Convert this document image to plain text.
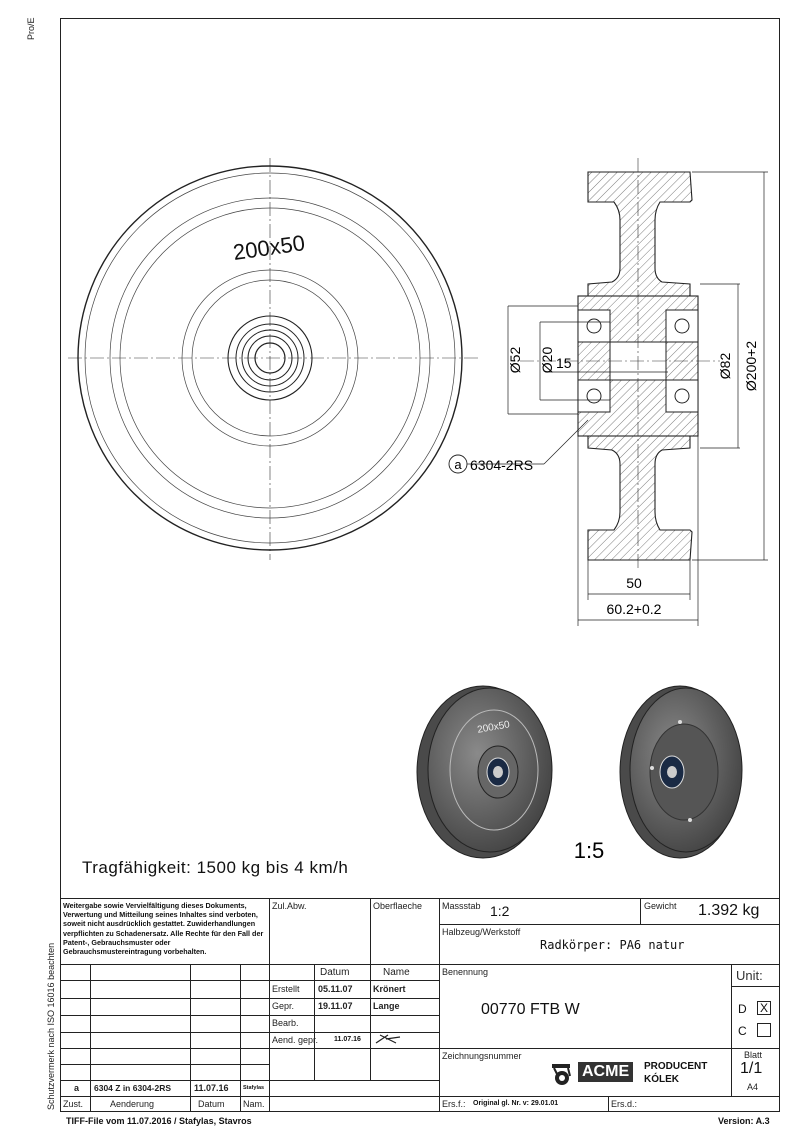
Pro/E
Schutzvermerk nach ISO 16016 beachten
200x50
Ø52 Ø20 15	Ø82 Ø200+2
50
60.2+0.2
a 6304-2RS
200x50
1:5
Tragfähigkeit: 1500 kg bis 4 km/h
Weitergabe sowie Vervielfältigung dieses Dokuments, Verwertung und Mitteilung seines Inhaltes sind verboten, soweit nicht ausdrücklich gestattet. Zuwiderhandlungen verpflichten zu Schadenersatz. Alle Rechte für den Fall der Patent-, Gebrauchsmuster oder Gebrauchsmustereintragung vorbehalten.
Zul.Abw.	Oberflaeche Massstab 1:2	Gewicht 1.392 kg
Halbzeug/Werkstoff
Radkörper: PA6 natur
Datum	Name
Erstellt 05.11.07 Krönert
Gepr.	19.11.07 Lange
Bearb.
Aend. gepr. 11.07.16
Benennung
00770 FTB W
Unit:
D X
C
Zeichnungsnummer
ACME	PRODUCENT
KÓLEK
Blatt
1/1
A4
a 6304 Z in 6304-2RS	11.07.16	Stafylas
Zust.	Aenderung	Datum Nam.	Ers.f.: Original gl. Nr. v: 29.01.01	Ers.d.:
TIFF-File vom 11.07.2016 / Stafylas, Stavros	Version: A.3
